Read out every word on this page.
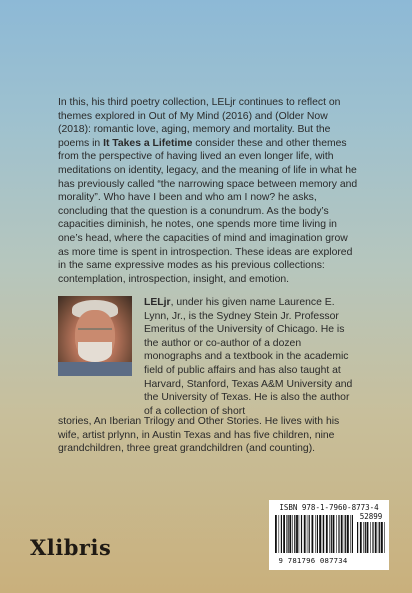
In this, his third poetry collection, LELjr continues to reflect on themes explored in Out of My Mind (2016) and (Older Now (2018): romantic love, aging, memory and mortality. But the poems in It Takes a Lifetime consider these and other themes from the perspective of having lived an even longer life, with meditations on identity, legacy, and the meaning of life in what he has previously called “the narrowing space between memory and morality”. Who have I been and who am I now? he asks, concluding that the question is a conundrum. As the body’s capacities diminish, he notes, one spends more time living in one’s head, where the capacities of mind and imagination grow as more time is spent in introspection. These ideas are explored in the same expressive modes as his previous collections: contemplation, introspection, insight, and emotion.

LELjr, under his given name Laurence E. Lynn, Jr., is the Sydney Stein Jr. Professor Emeritus of the University of Chicago. He is the author or co-author of a dozen monographs and a textbook in the academic field of public affairs and has also taught at Harvard, Stanford, Texas A&M University and the University of Texas. He is also the author of a collection of short

stories, An Iberian Trilogy and Other Stories. He lives with his wife, artist prlynn, in Austin Texas and has five children, nine grandchildren, three great grandchildren (and counting).

Xlibris
ISBN 978-1-7960-8773-4
52899
9 781796 087734
